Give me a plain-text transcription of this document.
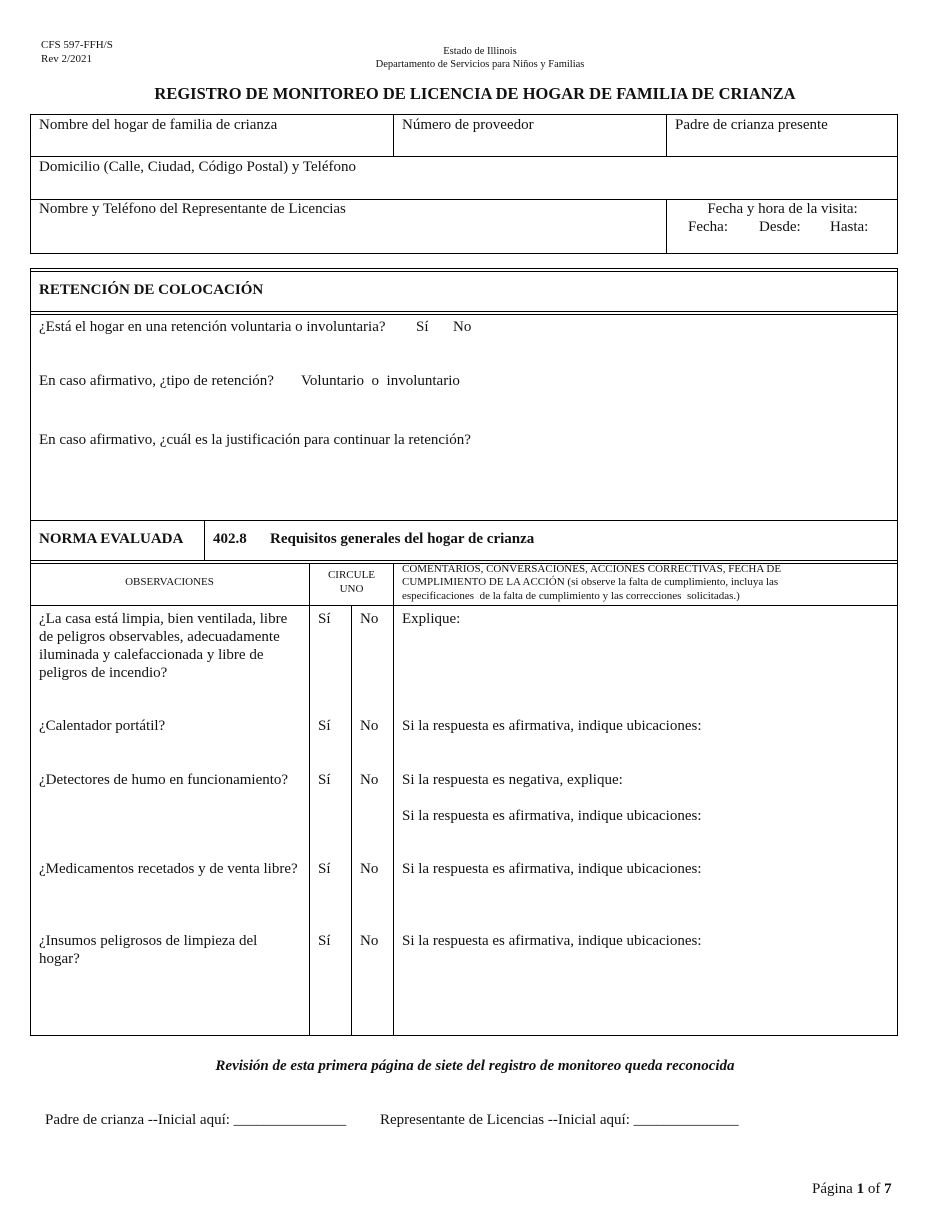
CFS 597-FFH/S
Rev 2/2021
Estado de Illinois
Departamento de Servicios para Niños y Familias
REGISTRO DE MONITOREO DE LICENCIA DE HOGAR DE FAMILIA DE CRIANZA
Nombre del hogar de familia de crianza	Número de proveedor	Padre de crianza presente
Domicilio (Calle, Ciudad, Código Postal) y Teléfono
Nombre y Teléfono del Representante de Licencias	Fecha y hora de la visita:
Fecha: Desde: Hasta:
RETENCIÓN DE COLOCACIÓN
¿Está el hogar en una retención voluntaria o involuntaria? Sí No
En caso afirmativo, ¿tipo de retención? Voluntario  o  involuntario
En caso afirmativo, ¿cuál es la justificación para continuar la retención?
NORMA EVALUADA 402.8 Requisitos generales del hogar de crianza
OBSERVACIONES
CIRCULE
UNO
COMENTARIOS, CONVERSACIONES, ACCIONES CORRECTIVAS, FECHA DE
CUMPLIMIENTO DE LA ACCIÓN (si observe la falta de cumplimiento, incluya las
especificaciones  de la falta de cumplimiento y las correcciones  solicitadas.)
¿La casa está limpia, bien ventilada, libre de peligros observables, adecuadamente iluminada y calefaccionada y libre de peligros de incendio?
Sí No Explique:
¿Calentador portátil?	Sí No Si la respuesta es afirmativa, indique ubicaciones:
¿Detectores de humo en funcionamiento?	Sí No Si la respuesta es negativa, explique:
Si la respuesta es afirmativa, indique ubicaciones:
¿Medicamentos recetados y de venta libre? Sí No Si la respuesta es afirmativa, indique ubicaciones:
¿Insumos peligrosos de limpieza del hogar?
Sí No Si la respuesta es afirmativa, indique ubicaciones:
Revisión de esta primera página de siete del registro de monitoreo queda reconocida
Padre de crianza --Inicial aquí: _______________ Representante de Licencias --Inicial aquí: ______________
Página 1 of 7
